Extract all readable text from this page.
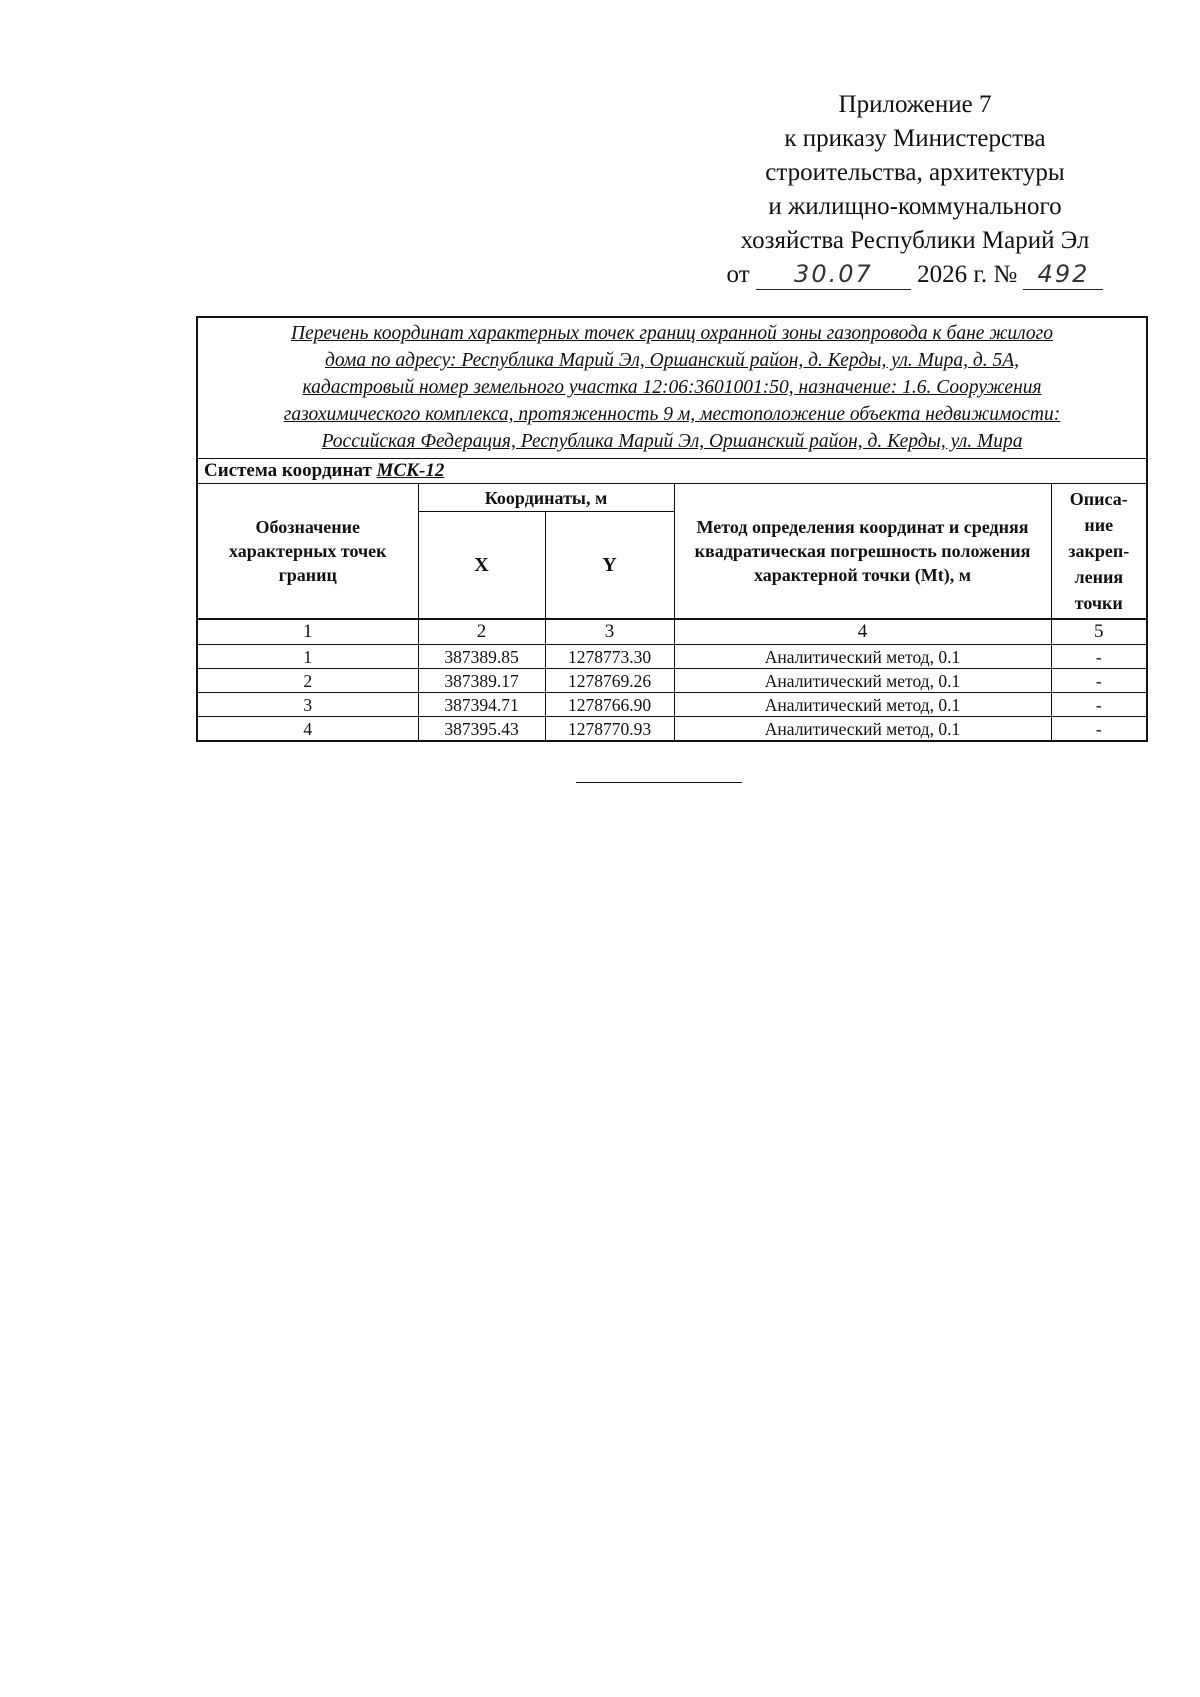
Приложение 7
к приказу Министерства
строительства, архитектуры
и жилищно-коммунального
хозяйства Республики Марий Эл
от 30.07 2026 г. № 492
Перечень координат характерных точек границ охранной зоны газопровода к бане жилого
дома по адресу: Республика Марий Эл, Оршанский район, д. Керды, ул. Мира, д. 5А,
кадастровый номер земельного участка 12:06:3601001:50, назначение: 1.6. Сооружения
газохимического комплекса, протяженность 9 м, местоположение объекта недвижимости:
Российская Федерация, Республика Марий Эл, Оршанский район, д. Керды, ул. Мира				

Система координат МСК-12				
Обозначение характерных точек границ	Координаты, м		Метод определения координат и средняя квадратическая погрешность положения характерной точки (Mt), м	Описа-ние закреп-ления точки
	X	Y		
1	2	3	4	5
1	387389.85	1278773.30	Аналитический метод, 0.1	-
2	387389.17	1278769.26	Аналитический метод, 0.1	-
3	387394.71	1278766.90	Аналитический метод, 0.1	-
4	387395.43	1278770.93	Аналитический метод, 0.1	-
